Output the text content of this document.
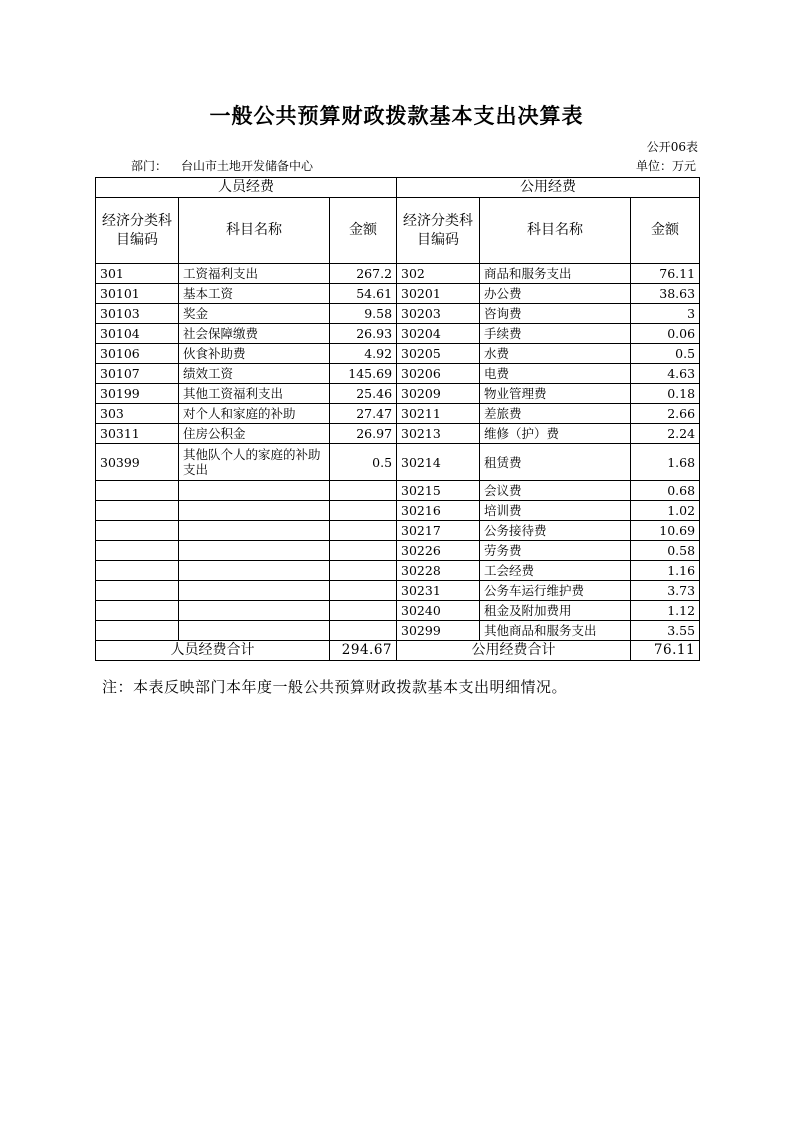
一般公共预算财政拨款基本支出决算表
公开06表
部门： 台山市土地开发储备中心	单位：万元
人员经费			公用经费		
经济分类科目编码	科目名称	金额	经济分类科目编码	科目名称	金额
301	工资福利支出	267.2	302	商品和服务支出	76.11
30101	基本工资	54.61	30201	办公费	38.63
30103	奖金	9.58	30203	咨询费	3
30104	社会保障缴费	26.93	30204	手续费	0.06
30106	伙食补助费	4.92	30205	水费	0.5
30107	绩效工资	145.69	30206	电费	4.63
30199	其他工资福利支出	25.46	30209	物业管理费	0.18
303	对个人和家庭的补助	27.47	30211	差旅费	2.66
30311	住房公积金	26.97	30213	维修（护）费	2.24
30399	其他队个人的家庭的补助支出	0.5	30214	租赁费	1.68
			30215	会议费	0.68
			30216	培训费	1.02
			30217	公务接待费	10.69
			30226	劳务费	0.58
			30228	工会经费	1.16
			30231	公务车运行维护费	3.73
			30240	租金及附加费用	1.12
			30299	其他商品和服务支出	3.55
人员经费合计		294.67	公用经费合计		76.11
注：本表反映部门本年度一般公共预算财政拨款基本支出明细情况。
